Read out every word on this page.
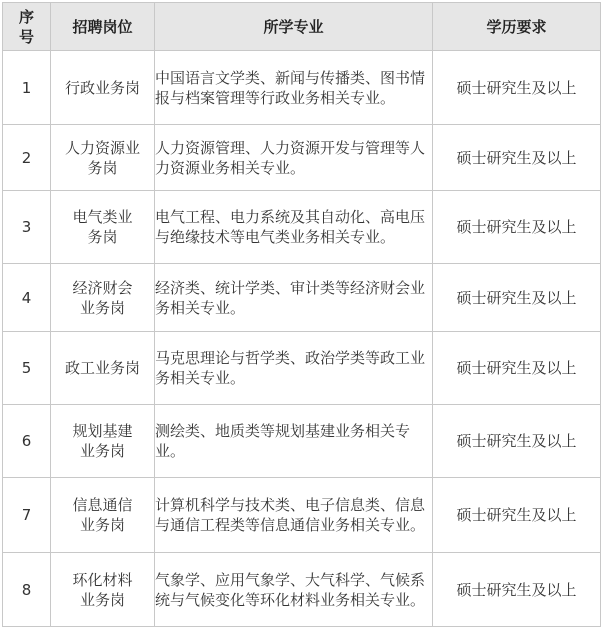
序号	招聘岗位	所学专业	学历要求
1	行政业务岗	中国语言文学类、新闻与传播类、图书情报与档案管理等行政业务相关专业。	硕士研究生及以上
2	人力资源业务岗	人力资源管理、人力资源开发与管理等人力资源业务相关专业。	硕士研究生及以上
3	电气类业务岗	电气工程、电力系统及其自动化、高电压与绝缘技术等电气类业务相关专业。	硕士研究生及以上
4	经济财会业务岗	经济类、统计学类、审计类等经济财会业务相关专业。	硕士研究生及以上
5	政工业务岗	马克思理论与哲学类、政治学类等政工业务相关专业。	硕士研究生及以上
6	规划基建业务岗	测绘类、地质类等规划基建业务相关专业。	硕士研究生及以上
7	信息通信业务岗	计算机科学与技术类、电子信息类、信息与通信工程类等信息通信业务相关专业。	硕士研究生及以上
8	环化材料业务岗	气象学、应用气象学、大气科学、气候系统与气候变化等环化材料业务相关专业。	硕士研究生及以上
